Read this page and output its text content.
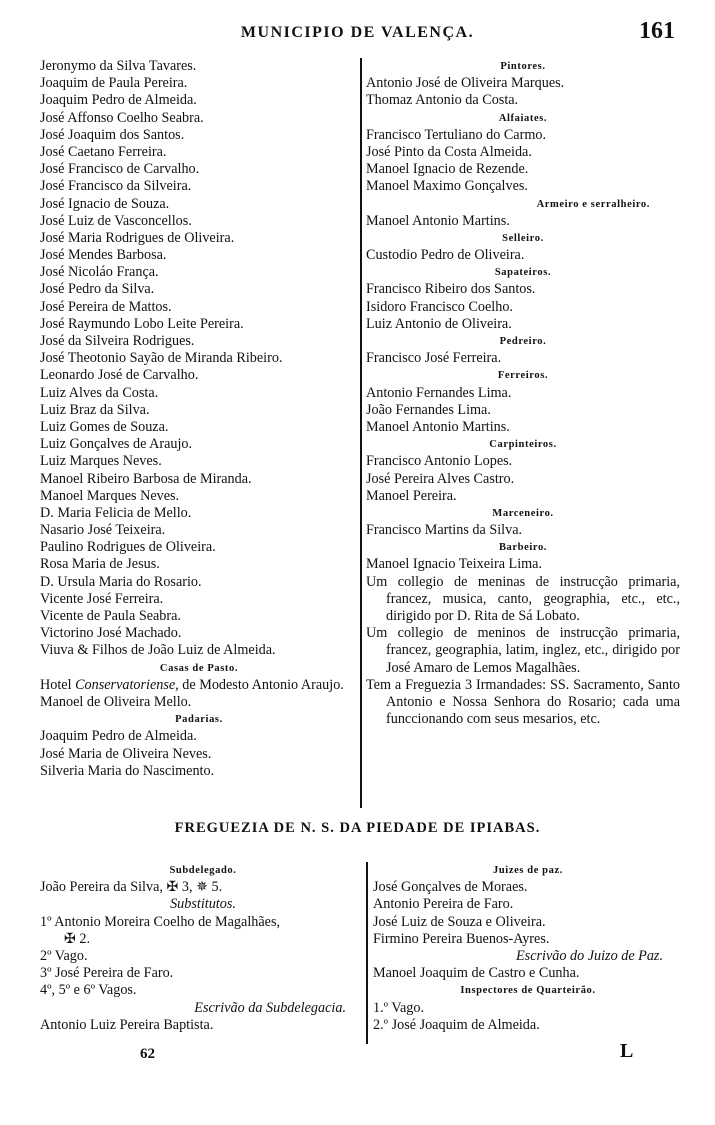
MUNICIPIO DE VALENÇA.	161
Jeronymo da Silva Tavares.
Joaquim de Paula Pereira.
Joaquim Pedro de Almeida.
José Affonso Coelho Seabra.
José Joaquim dos Santos.
José Caetano Ferreira.
José Francisco de Carvalho.
José Francisco da Silveira.
José Ignacio de Souza.
José Luiz de Vasconcellos.
José Maria Rodrigues de Oliveira.
José Mendes Barbosa.
José Nicoláo França.
José Pedro da Silva.
José Pereira de Mattos.
José Raymundo Lobo Leite Pereira.
José da Silveira Rodrigues.
José Theotonio Sayão de Miranda Ribeiro.
Leonardo José de Carvalho.
Luiz Alves da Costa.
Luiz Braz da Silva.
Luiz Gomes de Souza.
Luiz Gonçalves de Araujo.
Luiz Marques Neves.
Manoel Ribeiro Barbosa de Miranda.
Manoel Marques Neves.
D. Maria Felicia de Mello.
Nasario José Teixeira.
Paulino Rodrigues de Oliveira.
Rosa Maria de Jesus.
D. Ursula Maria do Rosario.
Vicente José Ferreira.
Vicente de Paula Seabra.
Victorino José Machado.
Viuva & Filhos de João Luiz de Almeida.
Casas de Pasto.
Hotel Conservatoriense, de Modesto Antonio Araujo.
Manoel de Oliveira Mello.
Padarias.
Joaquim Pedro de Almeida.
José Maria de Oliveira Neves.
Silveria Maria do Nascimento.
Pintores.
Antonio José de Oliveira Marques.
Thomaz Antonio da Costa.
Alfaiates.
Francisco Tertuliano do Carmo.
José Pinto da Costa Almeida.
Manoel Ignacio de Rezende.
Manoel Maximo Gonçalves.
Armeiro e serralheiro.
Manoel Antonio Martins.
Selleiro.
Custodio Pedro de Oliveira.
Sapateiros.
Francisco Ribeiro dos Santos.
Isidoro Francisco Coelho.
Luiz Antonio de Oliveira.
Pedreiro.
Francisco José Ferreira.
Ferreiros.
Antonio Fernandes Lima.
João Fernandes Lima.
Manoel Antonio Martins.
Carpinteiros.
Francisco Antonio Lopes.
José Pereira Alves Castro.
Manoel Pereira.
Marceneiro.
Francisco Martins da Silva.
Barbeiro.
Manoel Ignacio Teixeira Lima.
Um collegio de meninas de instrucção primaria, francez, musica, canto, geographia, etc., etc., dirigido por D. Rita de Sá Lobato.
Um collegio de meninos de instrucção primaria, francez, geographia, latim, inglez, etc., dirigido por José Amaro de Lemos Magalhães.
Tem a Freguezia 3 Irmandades: SS. Sacramento, Santo Antonio e Nossa Senhora do Rosario; cada uma funccionando com seus mesarios, etc.
FREGUEZIA DE N. S. DA PIEDADE DE IPIABAS.
Subdelegado.
João Pereira da Silva, ✠ 3, ✵ 5.
Substitutos.
1º Antonio Moreira Coelho de Magalhães,
✠ 2.
2º Vago.
3º José Pereira de Faro.
4º, 5º e 6º Vagos.
Escrivão da Subdelegacia.
Antonio Luiz Pereira Baptista.
Juizes de paz.
José Gonçalves de Moraes.
Antonio Pereira de Faro.
José Luiz de Souza e Oliveira.
Firmino Pereira Buenos-Ayres.
Escrivão do Juizo de Paz.
Manoel Joaquim de Castro e Cunha.
Inspectores de Quarteirão.
1.º Vago.
2.º José Joaquim de Almeida.
62	L
